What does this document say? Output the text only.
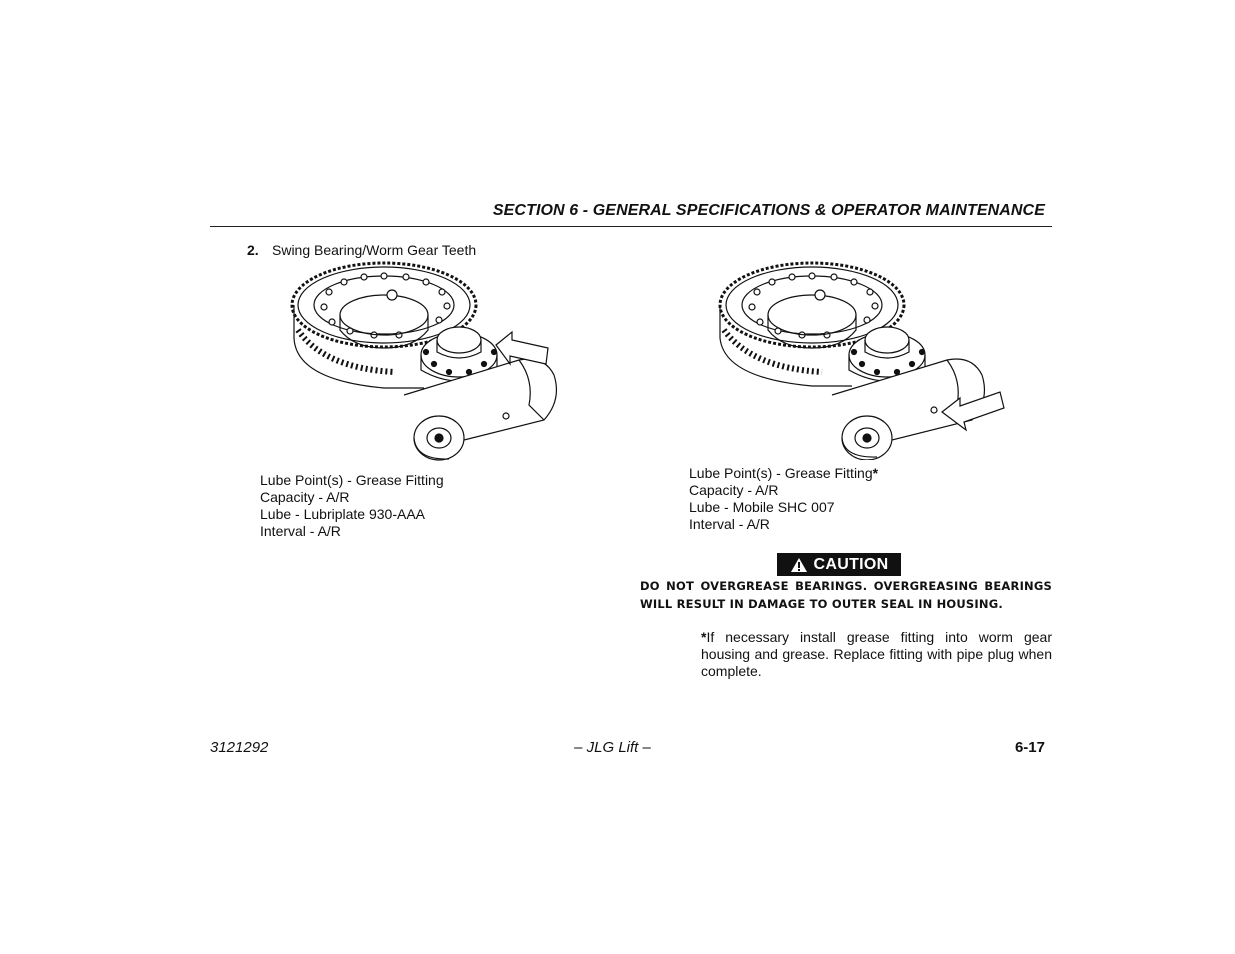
SECTION 6 - GENERAL SPECIFICATIONS & OPERATOR MAINTENANCE
2. Swing Bearing/Worm Gear Teeth
Lube Point(s) - Grease Fitting
Capacity - A/R
Lube - Lubriplate 930-AAA
Interval - A/R
Lube Point(s) - Grease Fitting*
Capacity - A/R
Lube - Mobile SHC 007
Interval - A/R
CAUTION
DO NOT OVERGREASE BEARINGS. OVERGREASING BEARINGS WILL RESULT IN DAMAGE TO OUTER SEAL IN HOUSING.
*If necessary install grease fitting into worm gear housing and grease. Replace fitting with pipe plug when complete.
3121292	– JLG Lift –	6-17
